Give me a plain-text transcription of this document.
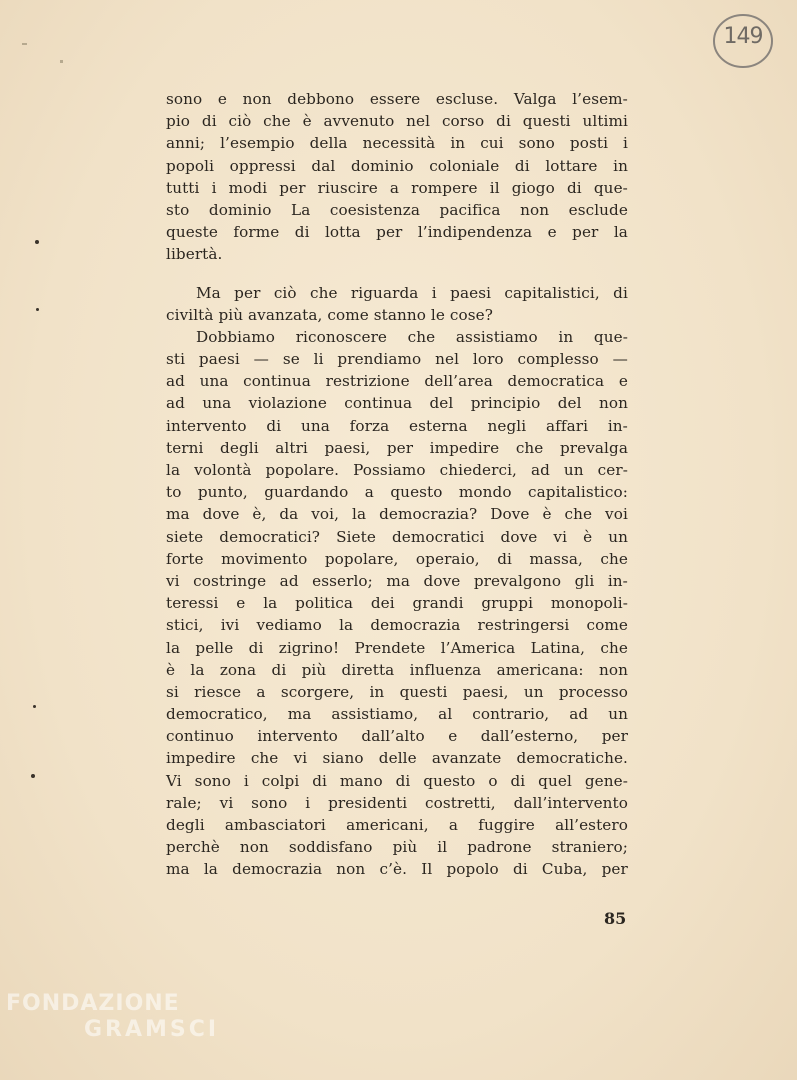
149
sono e non debbono essere escluse. Valga l’esem-
pio di ciò che è avvenuto nel corso di questi ultimi
anni; l’esempio della necessità in cui sono posti i
popoli oppressi dal dominio coloniale di lottare in
tutti i modi per riuscire a rompere il giogo di que-
sto dominio La coesistenza pacifica non esclude
queste forme di lotta per l’indipendenza e per la
libertà.
Ma per ciò che riguarda i paesi capitalistici, di
civiltà più avanzata, come stanno le cose?
Dobbiamo riconoscere che assistiamo in que-
sti paesi — se li prendiamo nel loro complesso —
ad una continua restrizione dell’area democratica e
ad una violazione continua del principio del non
intervento di una forza esterna negli affari in-
terni degli altri paesi, per impedire che prevalga
la volontà popolare. Possiamo chiederci, ad un cer-
to punto, guardando a questo mondo capitalistico:
ma dove è, da voi, la democrazia? Dove è che voi
siete democratici? Siete democratici dove vi è un
forte movimento popolare, operaio, di massa, che
vi costringe ad esserlo; ma dove prevalgono gli in-
teressi e la politica dei grandi gruppi monopoli-
stici, ivi vediamo la democrazia restringersi come
la pelle di zigrino! Prendete l’America Latina, che
è la zona di più diretta influenza americana: non
si riesce a scorgere, in questi paesi, un processo
democratico, ma assistiamo, al contrario, ad un
continuo intervento dall’alto e dall’esterno, per
impedire che vi siano delle avanzate democratiche.
Vi sono i colpi di mano di questo o di quel gene-
rale; vi sono i presidenti costretti, dall’intervento
degli ambasciatori americani, a fuggire all’estero
perchè non soddisfano più il padrone straniero;
ma la democrazia non c’è. Il popolo di Cuba, per
85
FONDAZIONE
GRAMSCI
